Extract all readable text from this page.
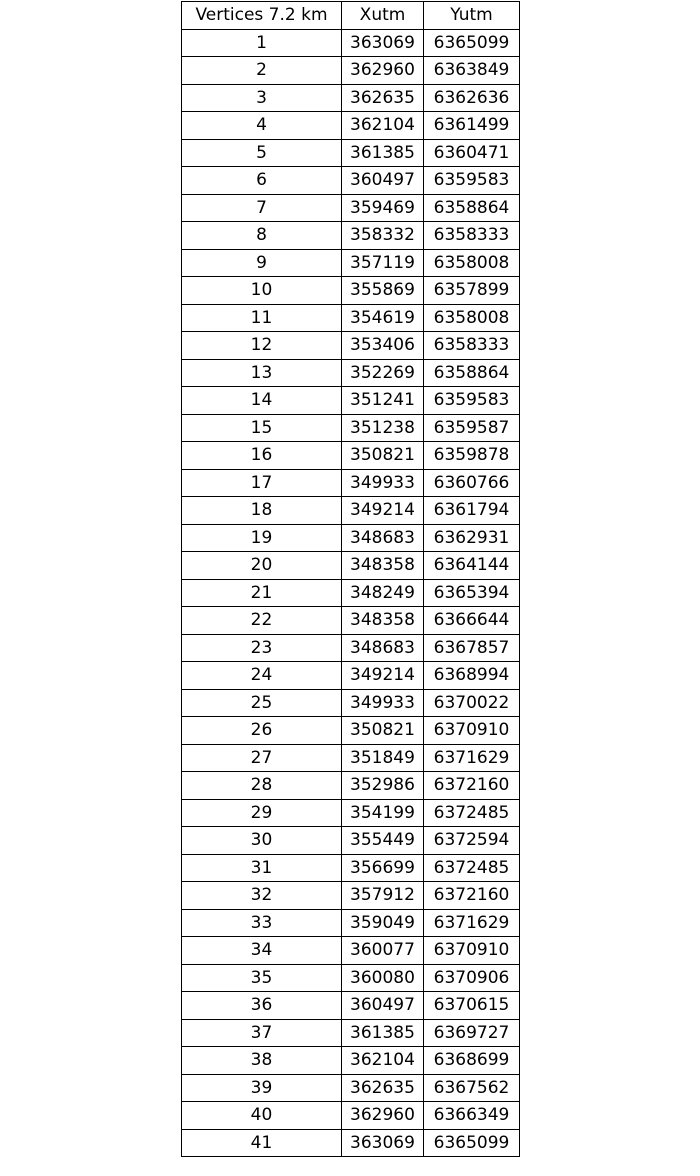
Vertices 7.2 km	Xutm	Yutm
1	363069	6365099
2	362960	6363849
3	362635	6362636
4	362104	6361499
5	361385	6360471
6	360497	6359583
7	359469	6358864
8	358332	6358333
9	357119	6358008
10	355869	6357899
11	354619	6358008
12	353406	6358333
13	352269	6358864
14	351241	6359583
15	351238	6359587
16	350821	6359878
17	349933	6360766
18	349214	6361794
19	348683	6362931
20	348358	6364144
21	348249	6365394
22	348358	6366644
23	348683	6367857
24	349214	6368994
25	349933	6370022
26	350821	6370910
27	351849	6371629
28	352986	6372160
29	354199	6372485
30	355449	6372594
31	356699	6372485
32	357912	6372160
33	359049	6371629
34	360077	6370910
35	360080	6370906
36	360497	6370615
37	361385	6369727
38	362104	6368699
39	362635	6367562
40	362960	6366349
41	363069	6365099
